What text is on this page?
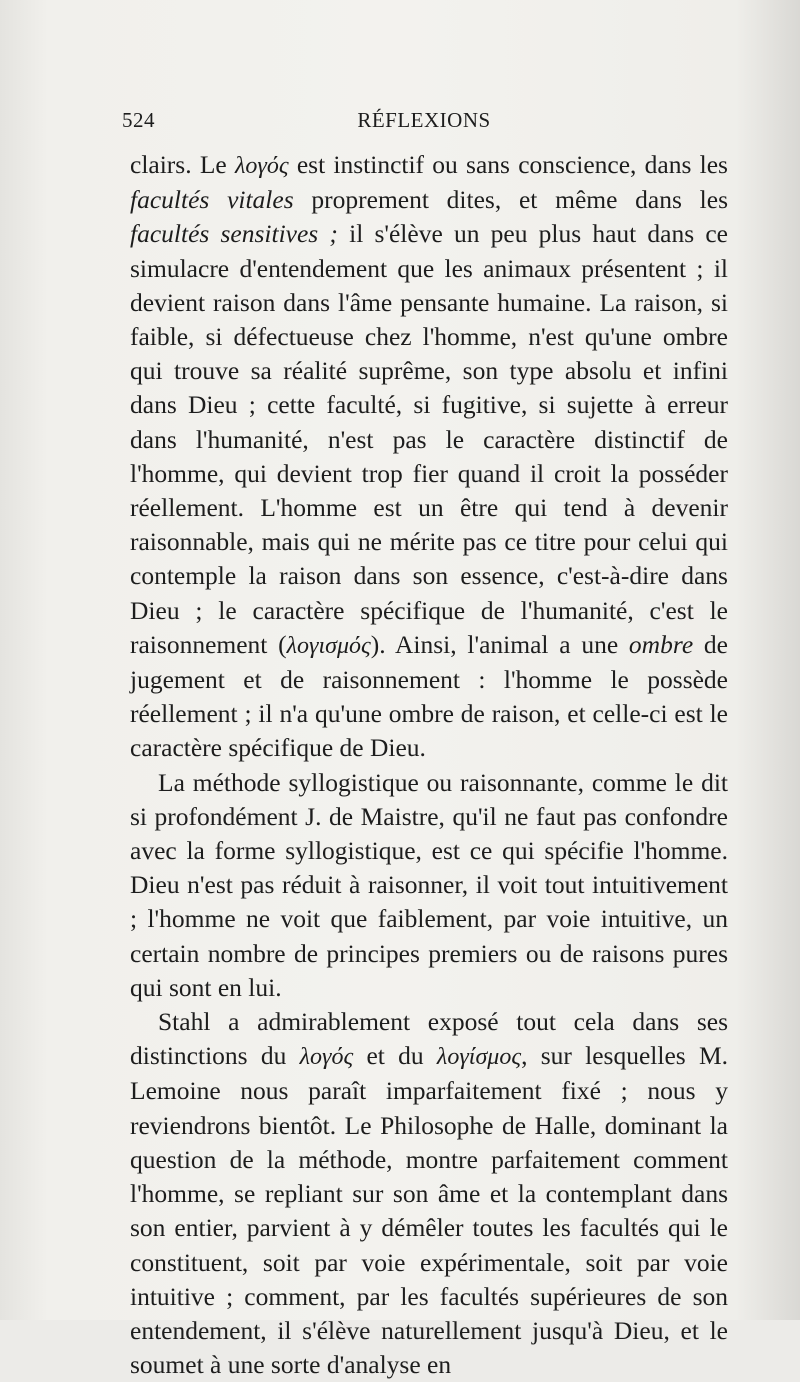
524	RÉFLEXIONS

clairs. Le λογός est instinctif ou sans conscience, dans les facultés vitales proprement dites, et même dans les facultés sensitives ; il s'élève un peu plus haut dans ce simulacre d'entendement que les animaux présentent ; il devient raison dans l'âme pensante humaine. La raison, si faible, si défectueuse chez l'homme, n'est qu'une ombre qui trouve sa réalité suprême, son type absolu et infini dans Dieu ; cette faculté, si fugitive, si sujette à erreur dans l'humanité, n'est pas le caractère distinctif de l'homme, qui devient trop fier quand il croit la posséder réellement. L'homme est un être qui tend à devenir raisonnable, mais qui ne mérite pas ce titre pour celui qui contemple la raison dans son essence, c'est-à-dire dans Dieu ; le caractère spécifique de l'humanité, c'est le raisonnement (λογισμός). Ainsi, l'animal a une ombre de jugement et de raisonnement : l'homme le possède réellement ; il n'a qu'une ombre de raison, et celle-ci est le caractère spécifique de Dieu.

La méthode syllogistique ou raisonnante, comme le dit si profondément J. de Maistre, qu'il ne faut pas confondre avec la forme syllogistique, est ce qui spécifie l'homme. Dieu n'est pas réduit à raisonner, il voit tout intuitivement ; l'homme ne voit que faiblement, par voie intuitive, un certain nombre de principes premiers ou de raisons pures qui sont en lui.

Stahl a admirablement exposé tout cela dans ses distinctions du λογός et du λογίσμος, sur lesquelles M. Lemoine nous paraît imparfaitement fixé ; nous y reviendrons bientôt. Le Philosophe de Halle, dominant la question de la méthode, montre parfaitement comment l'homme, se repliant sur son âme et la contemplant dans son entier, parvient à y démêler toutes les facultés qui le constituent, soit par voie expérimentale, soit par voie intuitive ; comment, par les facultés supérieures de son entendement, il s'élève naturellement jusqu'à Dieu, et le soumet à une sorte d'analyse en
